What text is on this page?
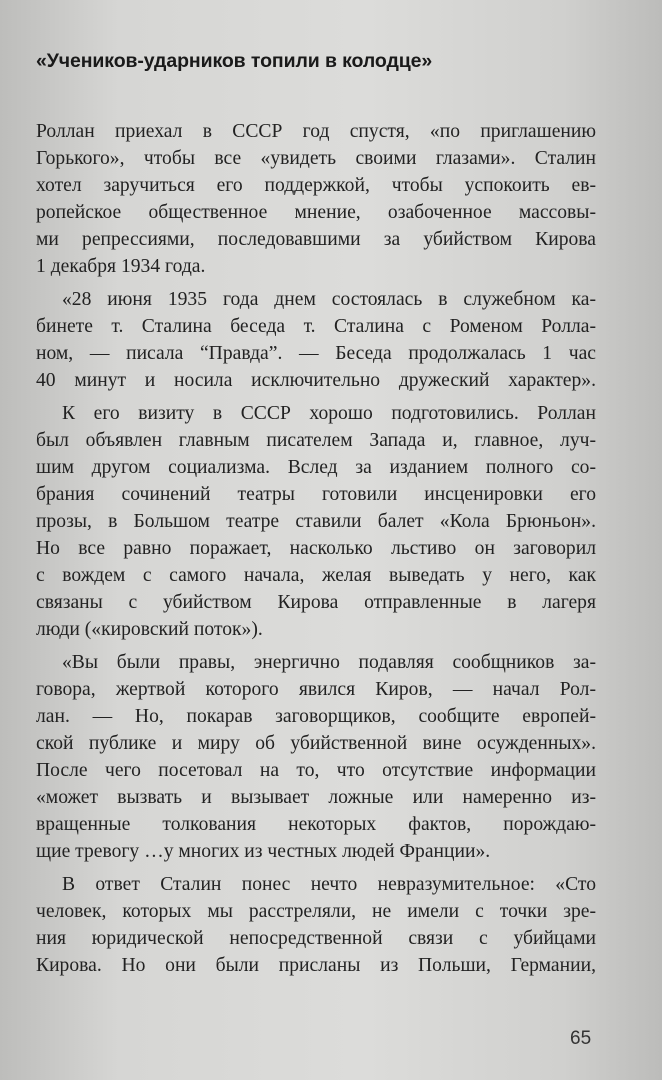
«Учеников-ударников топили в колодце»
Роллан приехал в СССР год спустя, «по приглашению
Горького», чтобы все «увидеть своими глазами». Сталин
хотел заручиться его поддержкой, чтобы успокоить ев-
ропейское общественное мнение, озабоченное массовы-
ми репрессиями, последовавшими за убийством Кирова
1 декабря 1934 года.
«28 июня 1935 года днем состоялась в служебном ка-
бинете т. Сталина беседа т. Сталина с Роменом Ролла-
ном, — писала “Правда”. — Беседа продолжалась 1 час
40 минут и носила исключительно дружеский характер».
К его визиту в СССР хорошо подготовились. Роллан
был объявлен главным писателем Запада и, главное, луч-
шим другом социализма. Вслед за изданием полного со-
брания сочинений театры готовили инсценировки его
прозы, в Большом театре ставили балет «Кола Брюньон».
Но все равно поражает, насколько льстиво он заговорил
с вождем с самого начала, желая выведать у него, как
связаны с убийством Кирова отправленные в лагеря
люди («кировский поток»).
«Вы были правы, энергично подавляя сообщников за-
говора, жертвой которого явился Киров, — начал Рол-
лан. — Но, покарав заговорщиков, сообщите европей-
ской публике и миру об убийственной вине осужденных».
После чего посетовал на то, что отсутствие информации
«может вызвать и вызывает ложные или намеренно из-
вращенные толкования некоторых фактов, порождаю-
щие тревогу …у многих из честных людей Франции».
В ответ Сталин понес нечто невразумительное: «Сто
человек, которых мы расстреляли, не имели с точки зре-
ния юридической непосредственной связи с убийцами
Кирова. Но они были присланы из Польши, Германии,
65
